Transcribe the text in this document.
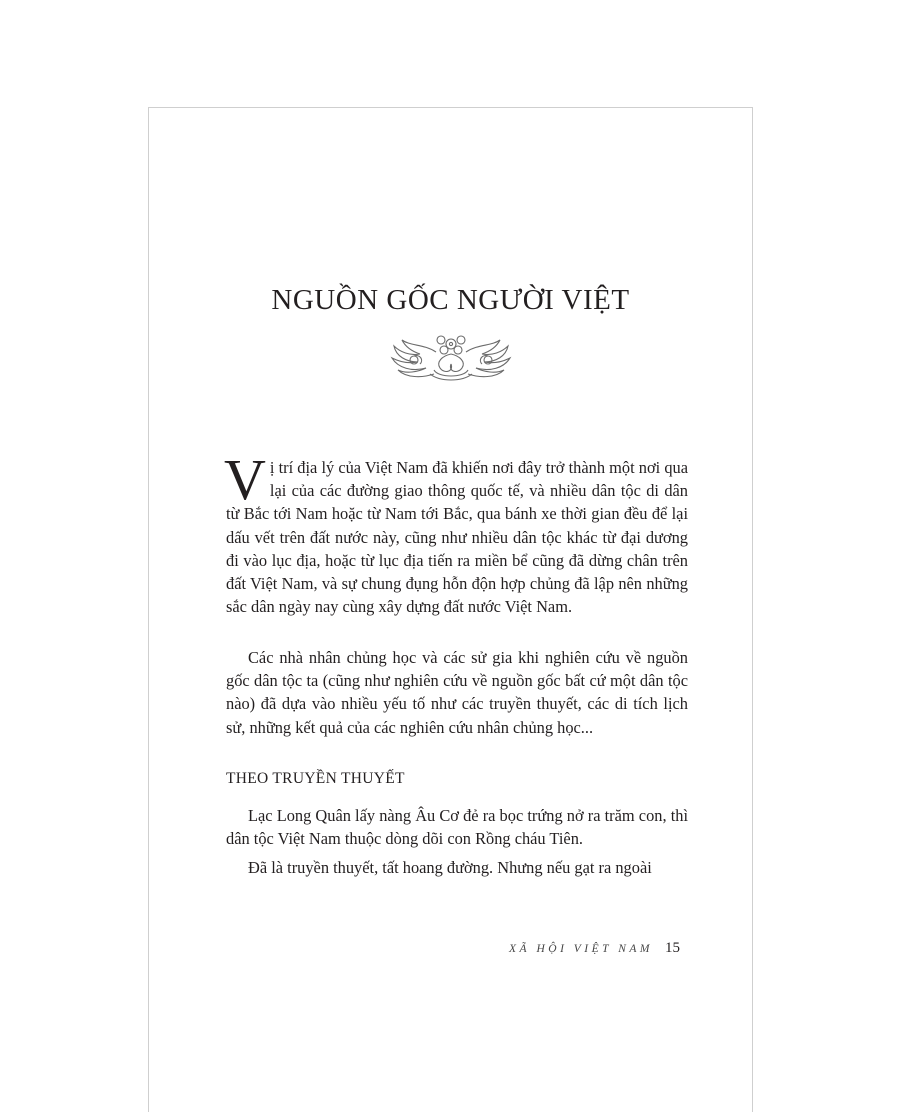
NGUỒN GỐC NGƯỜI VIỆT

Vị trí địa lý của Việt Nam đã khiến nơi đây trở thành một nơi qua lại của các đường giao thông quốc tế, và nhiều dân tộc di dân từ Bắc tới Nam hoặc từ Nam tới Bắc, qua bánh xe thời gian đều để lại dấu vết trên đất nước này, cũng như nhiều dân tộc khác từ đại dương đi vào lục địa, hoặc từ lục địa tiến ra miền bể cũng đã dừng chân trên đất Việt Nam, và sự chung đụng hỗn độn hợp chủng đã lập nên những sắc dân ngày nay cùng xây dựng đất nước Việt Nam.

Các nhà nhân chủng học và các sử gia khi nghiên cứu về nguồn gốc dân tộc ta (cũng như nghiên cứu về nguồn gốc bất cứ một dân tộc nào) đã dựa vào nhiều yếu tố như các truyền thuyết, các di tích lịch sử, những kết quả của các nghiên cứu nhân chủng học...

THEO TRUYỀN THUYẾT

Lạc Long Quân lấy nàng Âu Cơ đẻ ra bọc trứng nở ra trăm con, thì dân tộc Việt Nam thuộc dòng dõi con Rồng cháu Tiên.

Đã là truyền thuyết, tất hoang đường. Nhưng nếu gạt ra ngoài

XÃ HỘI VIỆT NAM 15
